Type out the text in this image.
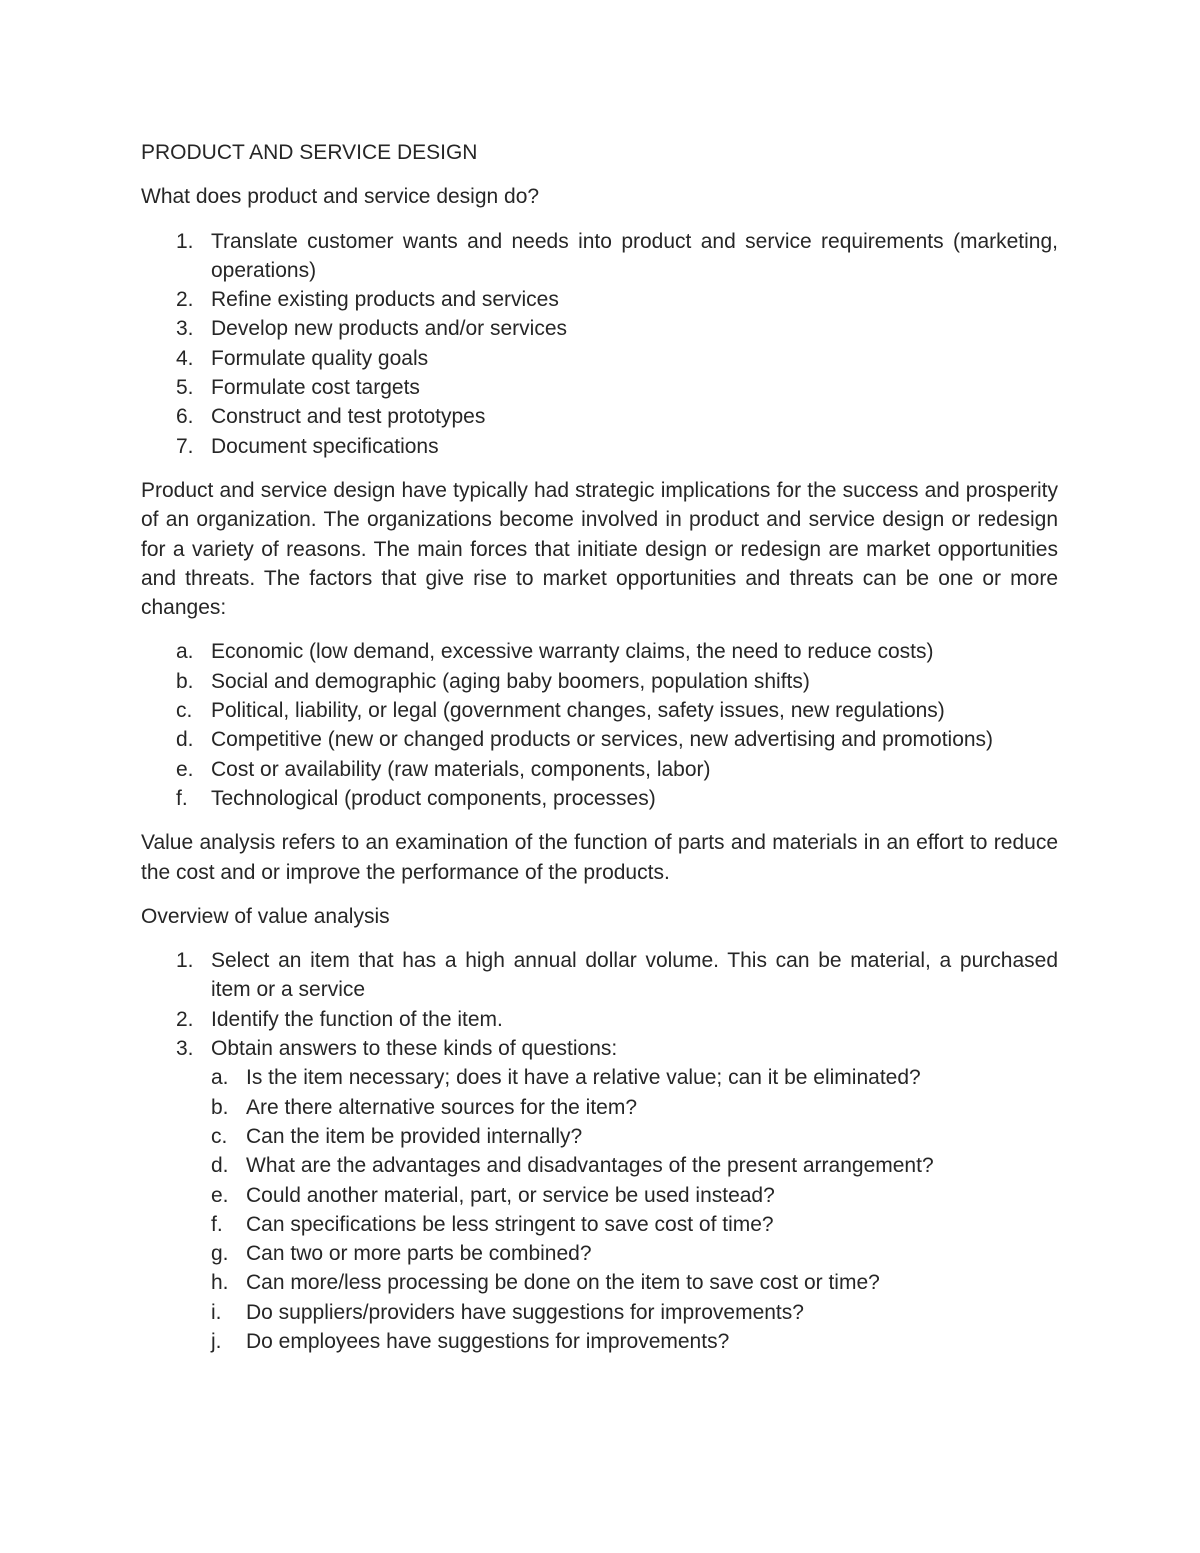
PRODUCT AND SERVICE DESIGN

What does product and service design do?

1. Translate customer wants and needs into product and service requirements (marketing, operations)
2. Refine existing products and services
3. Develop new products and/or services
4. Formulate quality goals
5. Formulate cost targets
6. Construct and test prototypes
7. Document specifications

Product and service design have typically had strategic implications for the success and prosperity of an organization. The organizations become involved in product and service design or redesign for a variety of reasons. The main forces that initiate design or redesign are market opportunities and threats. The factors that give rise to market opportunities and threats can be one or more changes:

a. Economic (low demand, excessive warranty claims, the need to reduce costs)
b. Social and demographic (aging baby boomers, population shifts)
c. Political, liability, or legal (government changes, safety issues, new regulations)
d. Competitive (new or changed products or services, new advertising and promotions)
e. Cost or availability (raw materials, components, labor)
f. Technological (product components, processes)

Value analysis refers to an examination of the function of parts and materials in an effort to reduce the cost and or improve the performance of the products.

Overview of value analysis

1. Select an item that has a high annual dollar volume. This can be material, a purchased item or a service
2. Identify the function of the item.
3. Obtain answers to these kinds of questions:
a. Is the item necessary; does it have a relative value; can it be eliminated?
b. Are there alternative sources for the item?
c. Can the item be provided internally?
d. What are the advantages and disadvantages of the present arrangement?
e. Could another material, part, or service be used instead?
f. Can specifications be less stringent to save cost of time?
g. Can two or more parts be combined?
h. Can more/less processing be done on the item to save cost or time?
i. Do suppliers/providers have suggestions for improvements?
j. Do employees have suggestions for improvements?
